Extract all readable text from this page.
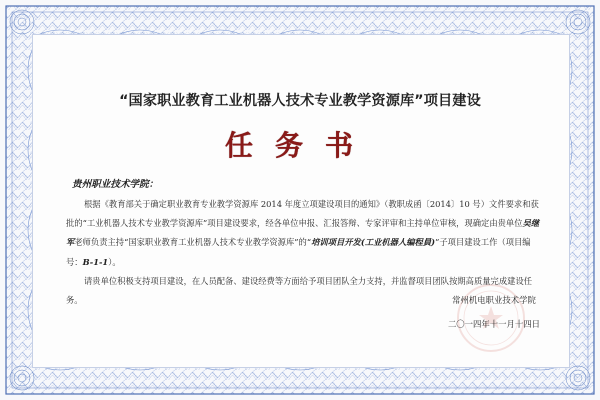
“国家职业教育工业机器人技术专业教学资源库”项目建设
任务书
贵州职业技术学院：

根据《教育部关于确定职业教育专业教学资源库 2014 年度立项建设项目的通知》（教职成函〔2014〕10 号）文件要求和获批的“工业机器人技术专业教学资源库”项目建设要求，经各单位申报、汇报答辩、专家评审和主持单位审核，现确定由贵单位吴继军老师负责主持“国家职业教育工业机器人技术专业教学资源库”的“培训项目开发(工业机器人编程員)”子项目建设工作（项目编号：B-1-1）。

请贵单位积极支持项目建设，在人员配备、建设经费等方面给予项目团队全力支持，并监督项目团队按期高质量完成建设任务。	常州机电职业技术学院
二〇一四年十一月十四日
